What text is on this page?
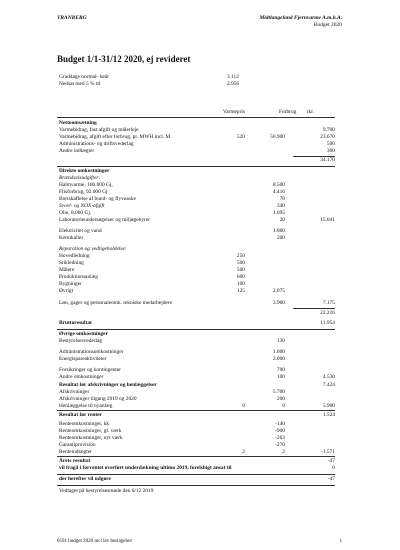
TRANBERG	Midtlangeland Fjernvarme A.m.b.A.
Budget 2020
Budget 1/1-31/12 2020, ej revideret
Graddage normal- heår	3.112
Nedsat med 5 % til	2.956
Varmepris	Forbrug tkr.
Nettoomsætning
Varmebidrag, fast afgift og målerleje	9.700
Varmebidrag, afgift efter forbrug, pr. MWH incl. M.	520	56.900	23.670
Administrations- og driftsvederlag	500
Andre indtægter	300
34.170
Direkte omkostninger
Brændselsudgifter:
Halmvarme, 180.000 Gj,	8.500
Flisforbrug, 92.000 Gj	4.416
Bortskaffelse af bund- og flyveaske	70
Svovl- og NOX-afgift	340
Olie, 8.000 Gj.	1.695
Laboratorieundersøgelser og miljøgebyrer	20	15.041
Elektricitet og vand	1.000
Kemikalier	200
Reparation og vedligeholdelse:
Hovedledning	250
Stikledning	500
Målere	500
Produktionsanlæg	600
Bygninger	100
Øvrigt	125	2.075
Løn, gager og personaleomk. tekniske medarbejdere	3.900	7.175
22.216
Bruttoresultat	11.954
Øvrige omkostninger
Bestyrelsesvederlag	130
Administrationsomkostninger	1.600
Energispareaktiviteter	2.000
Forsikringer og kontingenter	700
Andre omkostninger	100	4.530
Resultat før afskrivninger og henlæggelser	7.424
Afskrivninger	5.700
Afskrivninger tilgang 2019 og 2020	200
Henlæggelse til nyanlæg	0	0	5.900
Resultat før renter	1.524
Renteomkostninger, kk	-140
Renteomkostninger, gl. værk	-900
Renteomkostninger, nyt værk	-263
Garantiprovision	-270
Renteindtægter	2	2	-1.571
Årets resultat	-47
vil fragå i forventet overført underdækning ultimo 2019, forelsbigt ansat til	0
der herefter vil udgøre	-47
Vedtaget på bestyrelsesmøde den 6/12 2019
0591 budget 2020 incl lev beslagehor	1
